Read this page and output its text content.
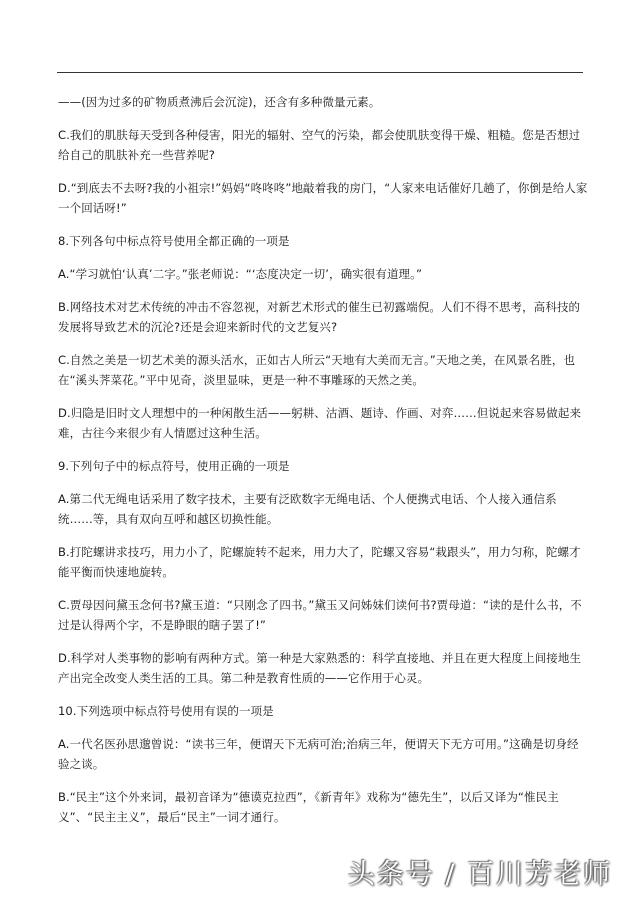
——(因为过多的矿物质煮沸后会沉淀)，还含有多种微量元素。

C.我们的肌肤每天受到各种侵害，阳光的辐射、空气的污染，都会使肌肤变得干燥、粗糙。您是否想过给自己的肌肤补充一些营养呢?

D.“到底去不去呀?我的小祖宗!”妈妈“咚咚咚”地敲着我的房门，“人家来电话催好几趟了，你倒是给人家一个回话呀!”

8.下列各句中标点符号使用全都正确的一项是

A.“学习就怕‘认真’二字。”张老师说：“‘态度决定一切’，确实很有道理。”

B.网络技术对艺术传统的冲击不容忽视，对新艺术形式的催生已初露端倪。人们不得不思考，高科技的发展将导致艺术的沉沦?还是会迎来新时代的文艺复兴?

C.自然之美是一切艺术美的源头活水，正如古人所云“天地有大美而无言。”天地之美，在风景名胜，也在“溪头荠菜花。”平中见奇，淡里显味，更是一种不事雕琢的天然之美。

D.归隐是旧时文人理想中的一种闲散生活——躬耕、沽酒、题诗、作画、对弈……但说起来容易做起来难，古往今来很少有人情愿过这种生活。

9.下列句子中的标点符号，使用正确的一项是

A.第二代无绳电话采用了数字技术，主要有泛欧数字无绳电话、个人便携式电话、个人接入通信系统……等，具有双向互呼和越区切换性能。

B.打陀螺讲求技巧，用力小了，陀螺旋转不起来，用力大了，陀螺又容易“栽跟头”，用力匀称，陀螺才能平衡而快速地旋转。

C.贾母因问黛玉念何书?黛玉道：“只刚念了四书。”黛玉又问姊妹们读何书?贾母道：“读的是什么书，不过是认得两个字，不是睁眼的瞎子罢了!”

D.科学对人类事物的影响有两种方式。第一种是大家熟悉的：科学直接地、并且在更大程度上间接地生产出完全改变人类生活的工具。第二种是教育性质的——它作用于心灵。

10.下列选项中标点符号使用有误的一项是

A.一代名医孙思邈曾说：“读书三年，便谓天下无病可治;治病三年，便谓天下无方可用。”这确是切身经验之谈。

B.“民主”这个外来词，最初音译为“德谟克拉西”，《新青年》戏称为“德先生”，以后又译为“惟民主义”、“民主主义”，最后“民主”一词才通行。

头条号 / 百川芳老师
